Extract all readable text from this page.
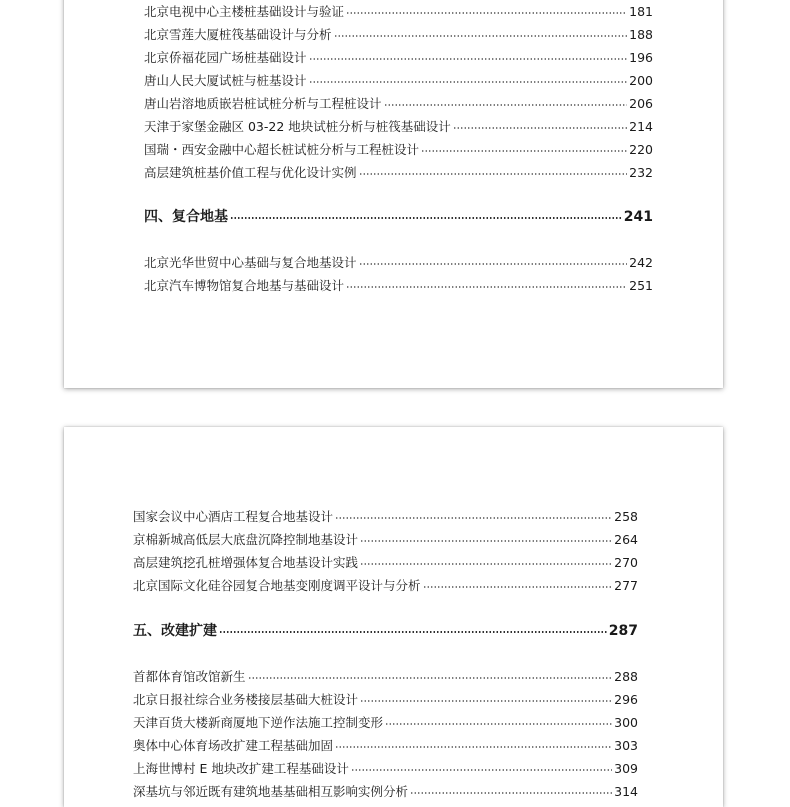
北京电视中心主楼桩基础设计与验证	181
北京雪莲大厦桩筏基础设计与分析	188
北京侨福花园广场桩基础设计	196
唐山人民大厦试桩与桩基设计	200
唐山岩溶地质嵌岩桩试桩分析与工程桩设计	206
天津于家堡金融区 03-22 地块试桩分析与桩筏基础设计	214
国瑞・西安金融中心超长桩试桩分析与工程桩设计	220
高层建筑桩基价值工程与优化设计实例	232
四、复合地基	241
北京光华世贸中心基础与复合地基设计	242
北京汽车博物馆复合地基与基础设计	251
国家会议中心酒店工程复合地基设计	258
京棉新城高低层大底盘沉降控制地基设计	264
高层建筑挖孔桩增强体复合地基设计实践	270
北京国际文化硅谷园复合地基变刚度调平设计与分析	277
五、改建扩建	287
首都体育馆改馆新生	288
北京日报社综合业务楼接层基础大桩设计	296
天津百货大楼新商厦地下逆作法施工控制变形	300
奥体中心体育场改扩建工程基础加固	303
上海世博村 E 地块改扩建工程基础设计	309
深基坑与邻近既有建筑地基基础相互影响实例分析	314
